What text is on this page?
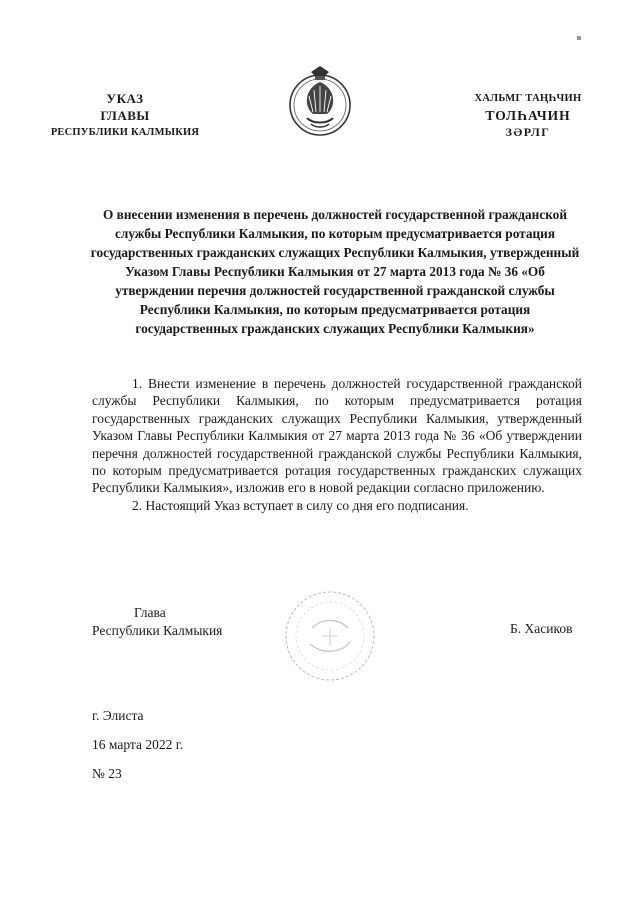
УКАЗ
ГЛАВЫ
РЕСПУБЛИКИ КАЛМЫКИЯ
ХАЛЬМГ ТАҢҺЧИН
ТОЛҺАЧИН
ЗӘРЛГ
О внесении изменения в перечень должностей государственной гражданской службы Республики Калмыкия, по которым предусматривается ротация государственных гражданских служащих Республики Калмыкия, утвержденный Указом Главы Республики Калмыкия от 27 марта 2013 года № 36 «Об утверждении перечня должностей государственной гражданской службы Республики Калмыкия, по которым предусматривается ротация государственных гражданских служащих Республики Калмыкия»

1. Внести изменение в перечень должностей государственной гражданской службы Республики Калмыкия, по которым предусматривается ротация государственных гражданских служащих Республики Калмыкия, утвержденный Указом Главы Республики Калмыкия от 27 марта 2013 года № 36 «Об утверждении перечня должностей государственной гражданской службы Республики Калмыкия, по которым предусматривается ротация государственных гражданских служащих Республики Калмыкия», изложив его в новой редакции согласно приложению.

2. Настоящий Указ вступает в силу со дня его подписания.

Глава
Республики Калмыкия	Б. Хасиков
г. Элиста
16 марта 2022 г.
№ 23
